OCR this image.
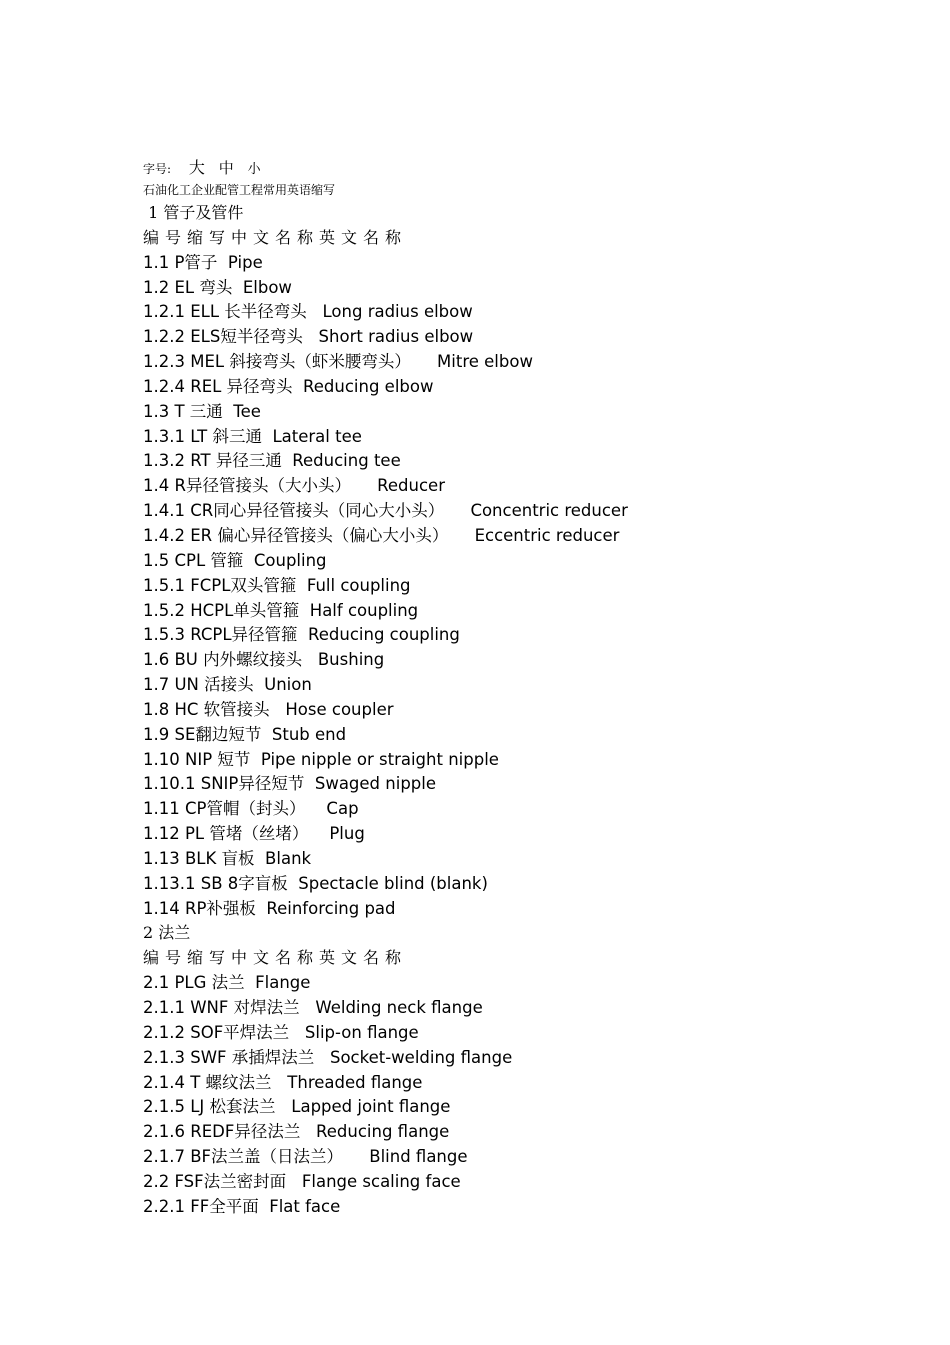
字号: 大 中 小
石油化工企业配管工程常用英语缩写
1 管子及管件
编号缩写中文名称英文名称
1.1 P管子  Pipe
1.2 EL 弯头  Elbow
1.2.1 ELL 长半径弯头   Long radius elbow
1.2.2 ELS短半径弯头   Short radius elbow
1.2.3 MEL 斜接弯头（虾米腰弯头）     Mitre elbow
1.2.4 REL 异径弯头  Reducing elbow
1.3 T 三通  Tee
1.3.1 LT 斜三通  Lateral tee
1.3.2 RT 异径三通  Reducing tee
1.4 R异径管接头（大小头）     Reducer
1.4.1 CR同心异径管接头（同心大小头）     Concentric reducer
1.4.2 ER 偏心异径管接头（偏心大小头）     Eccentric reducer
1.5 CPL 管箍  Coupling
1.5.1 FCPL双头管箍  Full coupling
1.5.2 HCPL单头管箍  Half coupling
1.5.3 RCPL异径管箍  Reducing coupling
1.6 BU 内外螺纹接头   Bushing
1.7 UN 活接头  Union
1.8 HC 软管接头   Hose coupler
1.9 SE翻边短节  Stub end
1.10 NIP 短节  Pipe nipple or straight nipple
1.10.1 SNIP异径短节  Swaged nipple
1.11 CP管帽（封头）    Cap
1.12 PL 管堵（丝堵）    Plug
1.13 BLK 盲板  Blank
1.13.1 SB 8字盲板  Spectacle blind (blank)
1.14 RP补强板  Reinforcing pad
2 法兰
编号缩写中文名称英文名称
2.1 PLG 法兰  Flange
2.1.1 WNF 对焊法兰   Welding neck flange
2.1.2 SOF平焊法兰   Slip-on flange
2.1.3 SWF 承插焊法兰   Socket-welding flange
2.1.4 T 螺纹法兰   Threaded flange
2.1.5 LJ 松套法兰   Lapped joint flange
2.1.6 REDF异径法兰   Reducing flange
2.1.7 BF法兰盖（日法兰）     Blind flange
2.2 FSF法兰密封面   Flange scaling face
2.2.1 FF全平面  Flat face
